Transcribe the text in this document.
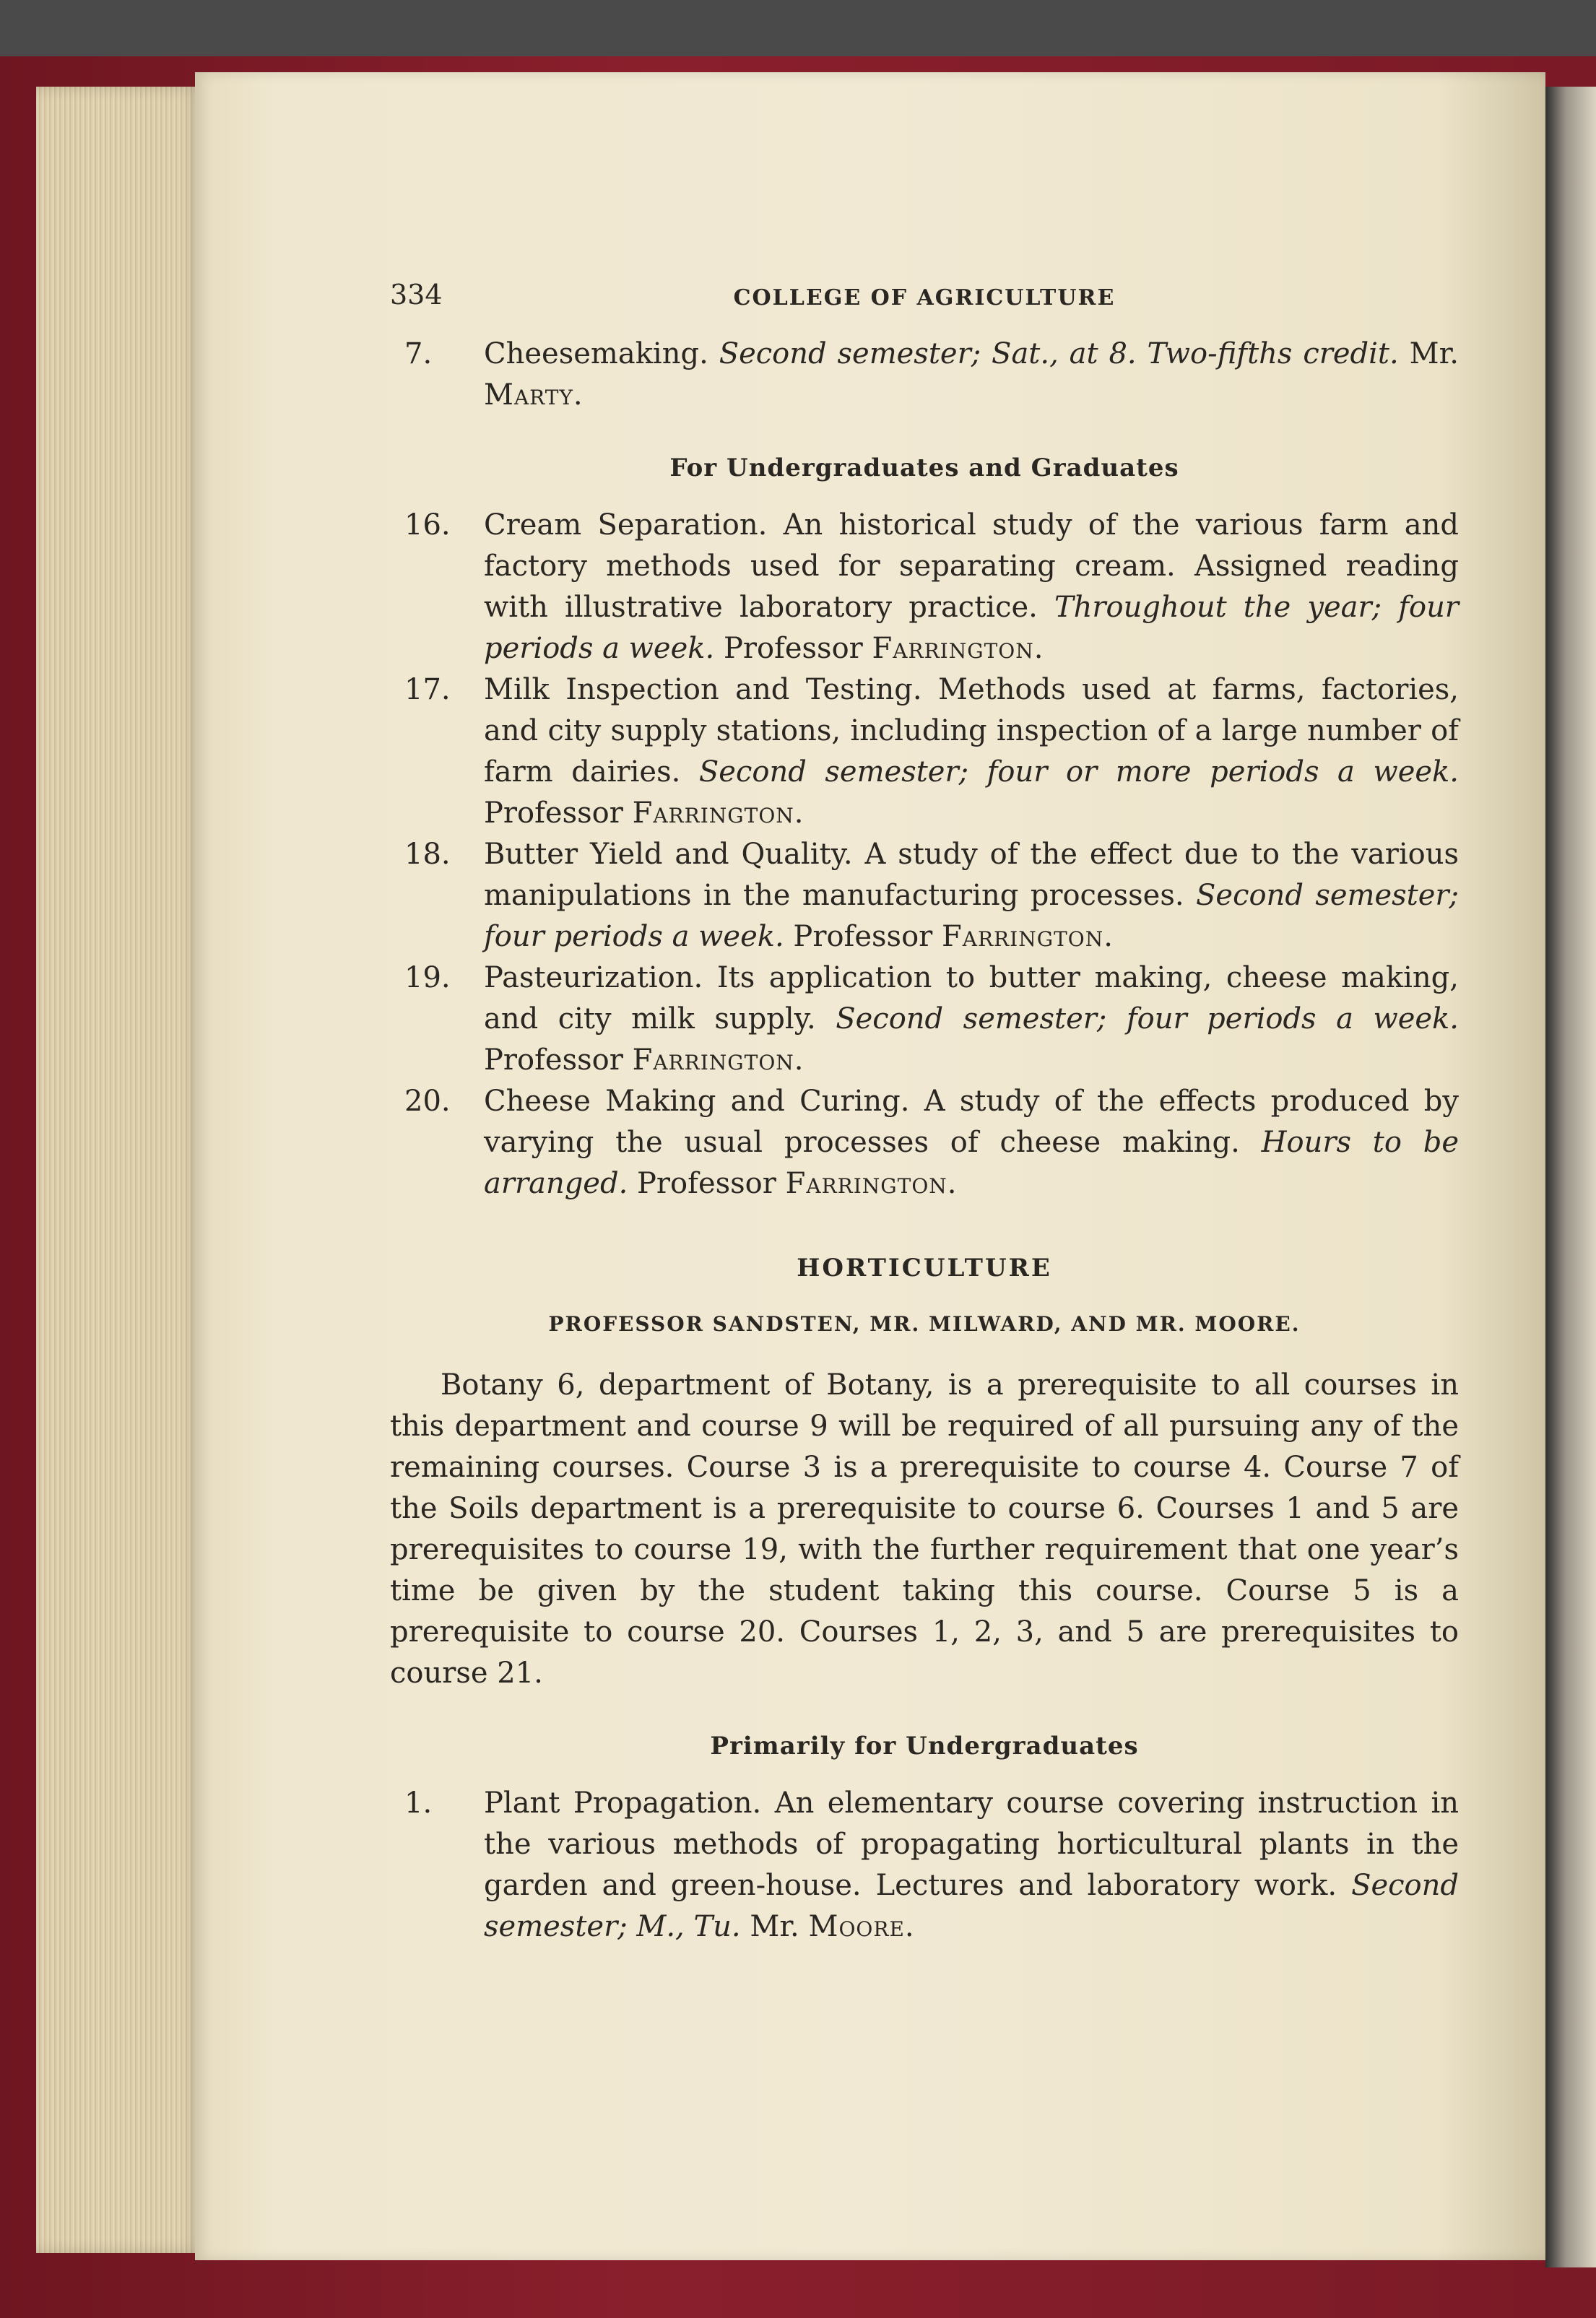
334	COLLEGE OF AGRICULTURE
7.	Cheesemaking. Second semester; Sat., at 8. Two-fifths credit. Mr. Marty.
For Undergraduates and Graduates
16.	Cream Separation. An historical study of the various farm and factory methods used for separating cream. Assigned reading with illustrative laboratory practice. Throughout the year; four periods a week. Professor Farrington.
17.	Milk Inspection and Testing. Methods used at farms, factories, and city supply stations, including inspection of a large number of farm dairies. Second semester; four or more periods a week. Professor Farrington.
18.	Butter Yield and Quality. A study of the effect due to the various manipulations in the manufacturing processes. Second semester; four periods a week. Professor Farrington.
19.	Pasteurization. Its application to butter making, cheese making, and city milk supply. Second semester; four periods a week. Professor Farrington.
20.	Cheese Making and Curing. A study of the effects produced by varying the usual processes of cheese making. Hours to be arranged. Professor Farrington.
HORTICULTURE
PROFESSOR SANDSTEN, MR. MILWARD, AND MR. MOORE.
Botany 6, department of Botany, is a prerequisite to all courses in this department and course 9 will be required of all pursuing any of the remaining courses. Course 3 is a prerequisite to course 4. Course 7 of the Soils department is a prerequisite to course 6. Courses 1 and 5 are prerequisites to course 19, with the further requirement that one year’s time be given by the student taking this course. Course 5 is a prerequisite to course 20. Courses 1, 2, 3, and 5 are prerequisites to course 21.
Primarily for Undergraduates
1.	Plant Propagation. An elementary course covering instruction in the various methods of propagating horticultural plants in the garden and green-house. Lectures and laboratory work. Second semester; M., Tu. Mr. Moore.
